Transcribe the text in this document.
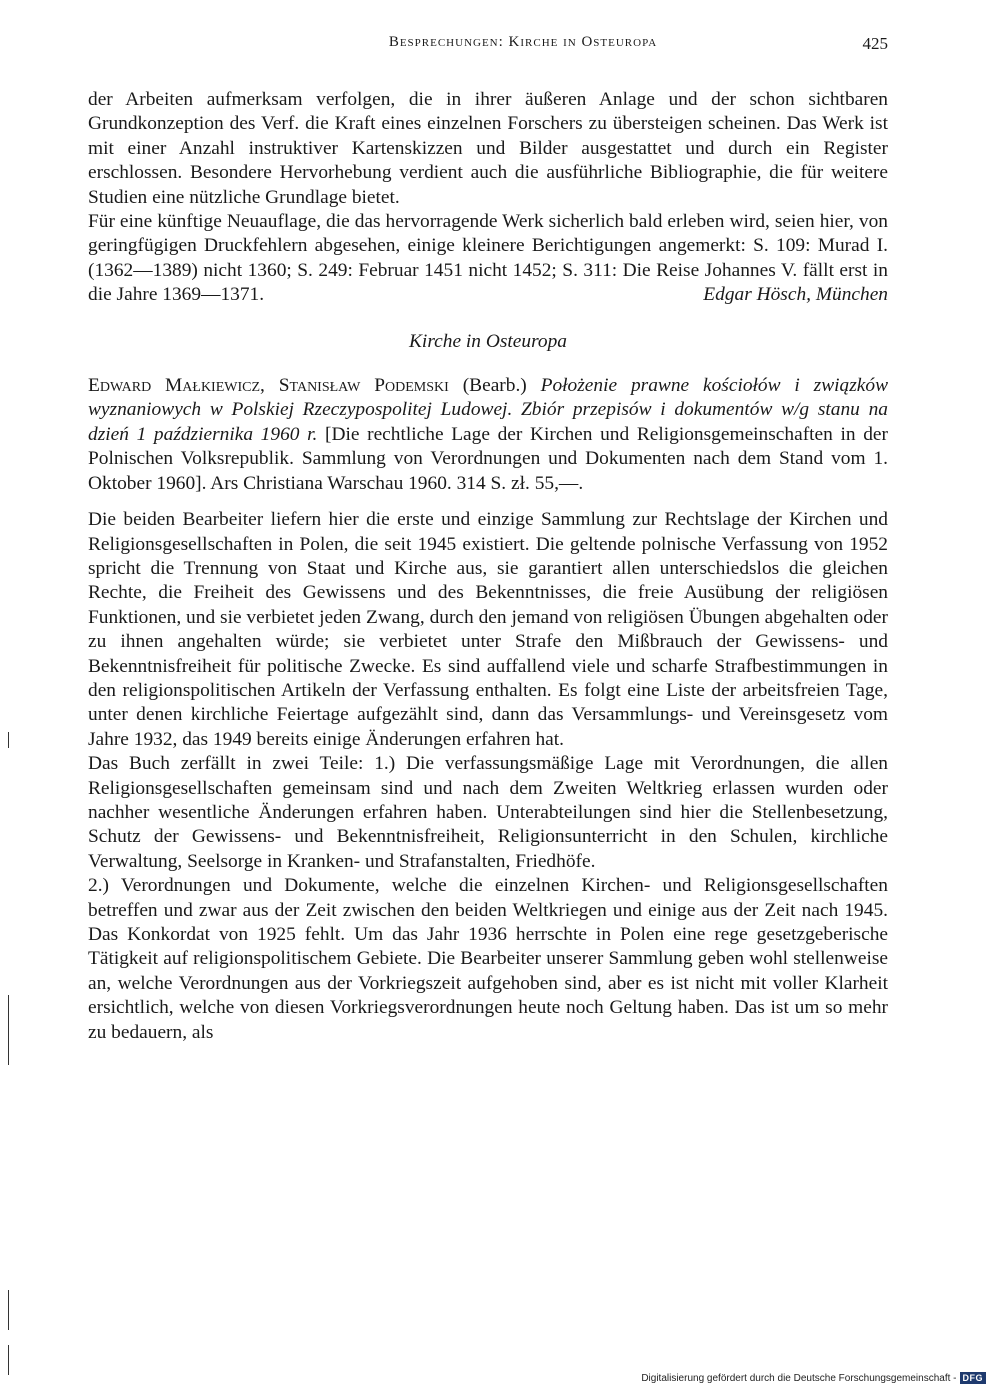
Besprechungen: Kirche in Osteuropa	425

der Arbeiten aufmerksam verfolgen, die in ihrer äußeren Anlage und der schon sichtbaren Grundkonzeption des Verf. die Kraft eines einzelnen Forschers zu übersteigen scheinen. Das Werk ist mit einer Anzahl instruktiver Kartenskizzen und Bilder ausgestattet und durch ein Register erschlossen. Besondere Hervorhebung verdient auch die ausführliche Bibliographie, die für weitere Studien eine nützliche Grundlage bietet.

Für eine künftige Neuauflage, die das hervorragende Werk sicherlich bald erleben wird, seien hier, von geringfügigen Druckfehlern abgesehen, einige kleinere Berichtigungen angemerkt: S. 109: Murad I. (1362—1389) nicht 1360; S. 249: Februar 1451 nicht 1452; S. 311: Die Reise Johannes V. fällt erst in die Jahre 1369—1371.	Edgar Hösch, München

Kirche in Osteuropa

Edward Małkiewicz, Stanisław Podemski (Bearb.) Położenie prawne kościołów i związków wyznaniowych w Polskiej Rzeczypospolitej Ludowej. Zbiór przepisów i dokumentów w/g stanu na dzień 1 października 1960 r. [Die rechtliche Lage der Kirchen und Religionsgemeinschaften in der Polnischen Volksrepublik. Sammlung von Verordnungen und Dokumenten nach dem Stand vom 1. Oktober 1960]. Ars Christiana Warschau 1960. 314 S. zł. 55,—.

Die beiden Bearbeiter liefern hier die erste und einzige Sammlung zur Rechtslage der Kirchen und Religionsgesellschaften in Polen, die seit 1945 existiert. Die geltende polnische Verfassung von 1952 spricht die Trennung von Staat und Kirche aus, sie garantiert allen unterschiedslos die gleichen Rechte, die Freiheit des Gewissens und des Bekenntnisses, die freie Ausübung der religiösen Funktionen, und sie verbietet jeden Zwang, durch den jemand von religiösen Übungen abgehalten oder zu ihnen angehalten würde; sie verbietet unter Strafe den Mißbrauch der Gewissens- und Bekenntnisfreiheit für politische Zwecke. Es sind auffallend viele und scharfe Strafbestimmungen in den religionspolitischen Artikeln der Verfassung enthalten. Es folgt eine Liste der arbeitsfreien Tage, unter denen kirchliche Feiertage aufgezählt sind, dann das Versammlungs- und Vereinsgesetz vom Jahre 1932, das 1949 bereits einige Änderungen erfahren hat.

Das Buch zerfällt in zwei Teile: 1.) Die verfassungsmäßige Lage mit Verordnungen, die allen Religionsgesellschaften gemeinsam sind und nach dem Zweiten Weltkrieg erlassen wurden oder nachher wesentliche Änderungen erfahren haben. Unterabteilungen sind hier die Stellenbesetzung, Schutz der Gewissens- und Bekenntnisfreiheit, Religionsunterricht in den Schulen, kirchliche Verwaltung, Seelsorge in Kranken- und Strafanstalten, Friedhöfe.

2.) Verordnungen und Dokumente, welche die einzelnen Kirchen- und Religionsgesellschaften betreffen und zwar aus der Zeit zwischen den beiden Weltkriegen und einige aus der Zeit nach 1945. Das Konkordat von 1925 fehlt. Um das Jahr 1936 herrschte in Polen eine rege gesetzgeberische Tätigkeit auf religionspolitischem Gebiete. Die Bearbeiter unserer Sammlung geben wohl stellenweise an, welche Verordnungen aus der Vorkriegszeit aufgehoben sind, aber es ist nicht mit voller Klarheit ersichtlich, welche von diesen Vorkriegsverordnungen heute noch Geltung haben. Das ist um so mehr zu bedauern, als

Digitalisierung gefördert durch die Deutsche Forschungsgemeinschaft - DFG
